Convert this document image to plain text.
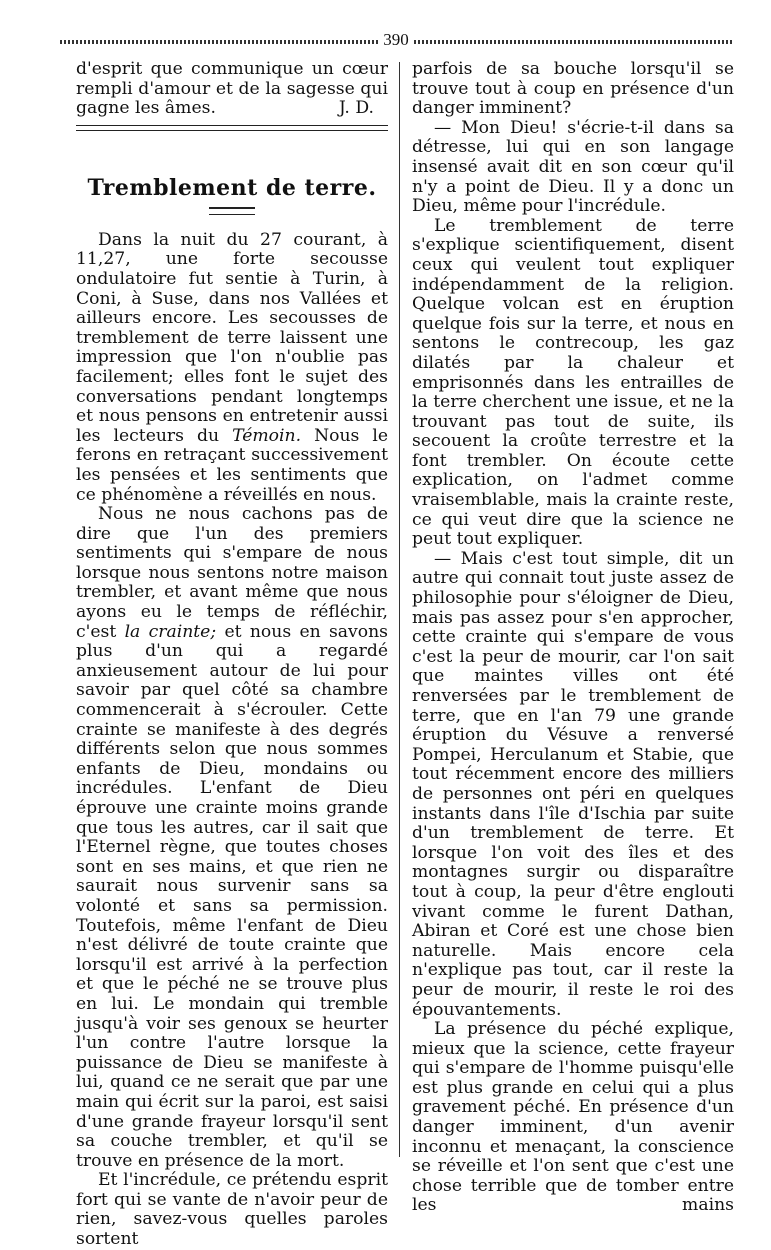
390

d'esprit que communique un cœur

rempli d'amour et de la sagesse qui

gagne les âmes.	J. D.
Tremblement de terre.

Dans la nuit du 27 courant, à 11,27, une forte secousse ondulatoire fut sentie à Turin, à Coni, à Suse, dans nos Vallées et ailleurs encore. Les secousses de tremblement de terre laissent une impression que l'on n'oublie pas facilement; elles font le sujet des conversations pendant longtemps et nous pensons en entretenir aussi les lecteurs du Témoin. Nous le ferons en retraçant successivement les pensées et les sentiments que ce phénomène a réveillés en nous.

Nous ne nous cachons pas de dire que l'un des premiers sentiments qui s'empare de nous lorsque nous sentons notre maison trembler, et avant même que nous ayons eu le temps de réfléchir, c'est la crainte; et nous en savons plus d'un qui a regardé anxieusement autour de lui pour savoir par quel côté sa chambre commencerait à s'écrouler. Cette crainte se manifeste à des degrés différents selon que nous sommes enfants de Dieu, mondains ou incrédules. L'enfant de Dieu éprouve une crainte moins grande que tous les autres, car il sait que l'Eternel règne, que toutes choses sont en ses mains, et que rien ne saurait nous survenir sans sa volonté et sans sa permission. Toutefois, même l'enfant de Dieu n'est délivré de toute crainte que lorsqu'il est arrivé à la perfection et que le péché ne se trouve plus en lui. Le mondain qui tremble jusqu'à voir ses genoux se heurter l'un contre l'autre lorsque la puissance de Dieu se manifeste à lui, quand ce ne serait que par une main qui écrit sur la paroi, est saisi d'une grande frayeur lorsqu'il sent sa couche trembler, et qu'il se trouve en présence de la mort.

Et l'incrédule, ce prétendu esprit fort qui se vante de n'avoir peur de rien, savez-vous quelles paroles sortent

parfois de sa bouche lorsqu'il se trouve tout à coup en présence d'un danger imminent?

— Mon Dieu! s'écrie-t-il dans sa détresse, lui qui en son langage insensé avait dit en son cœur qu'il n'y a point de Dieu. Il y a donc un Dieu, même pour l'incrédule.

Le tremblement de terre s'explique scientifiquement, disent ceux qui veulent tout expliquer indépendamment de la religion. Quelque volcan est en éruption quelque fois sur la terre, et nous en sentons le contrecoup, les gaz dilatés par la chaleur et emprisonnés dans les entrailles de la terre cherchent une issue, et ne la trouvant pas tout de suite, ils secouent la croûte terrestre et la font trembler. On écoute cette explication, on l'admet comme vraisemblable, mais la crainte reste, ce qui veut dire que la science ne peut tout expliquer.

— Mais c'est tout simple, dit un autre qui connait tout juste assez de philosophie pour s'éloigner de Dieu, mais pas assez pour s'en approcher, cette crainte qui s'empare de vous c'est la peur de mourir, car l'on sait que maintes villes ont été renversées par le tremblement de terre, que en l'an 79 une grande éruption du Vésuve a renversé Pompei, Herculanum et Stabie, que tout récemment encore des milliers de personnes ont péri en quelques instants dans l'île d'Ischia par suite d'un tremblement de terre. Et lorsque l'on voit des îles et des montagnes surgir ou disparaître tout à coup, la peur d'être englouti vivant comme le furent Dathan, Abiran et Coré est une chose bien naturelle. Mais encore cela n'explique pas tout, car il reste la peur de mourir, il reste le roi des épouvantements.

La présence du péché explique, mieux que la science, cette frayeur qui s'empare de l'homme puisqu'elle est plus grande en celui qui a plus gravement péché. En présence d'un danger imminent, d'un avenir inconnu et menaçant, la conscience se réveille et l'on sent que c'est une chose terrible que de tomber entre les mains
